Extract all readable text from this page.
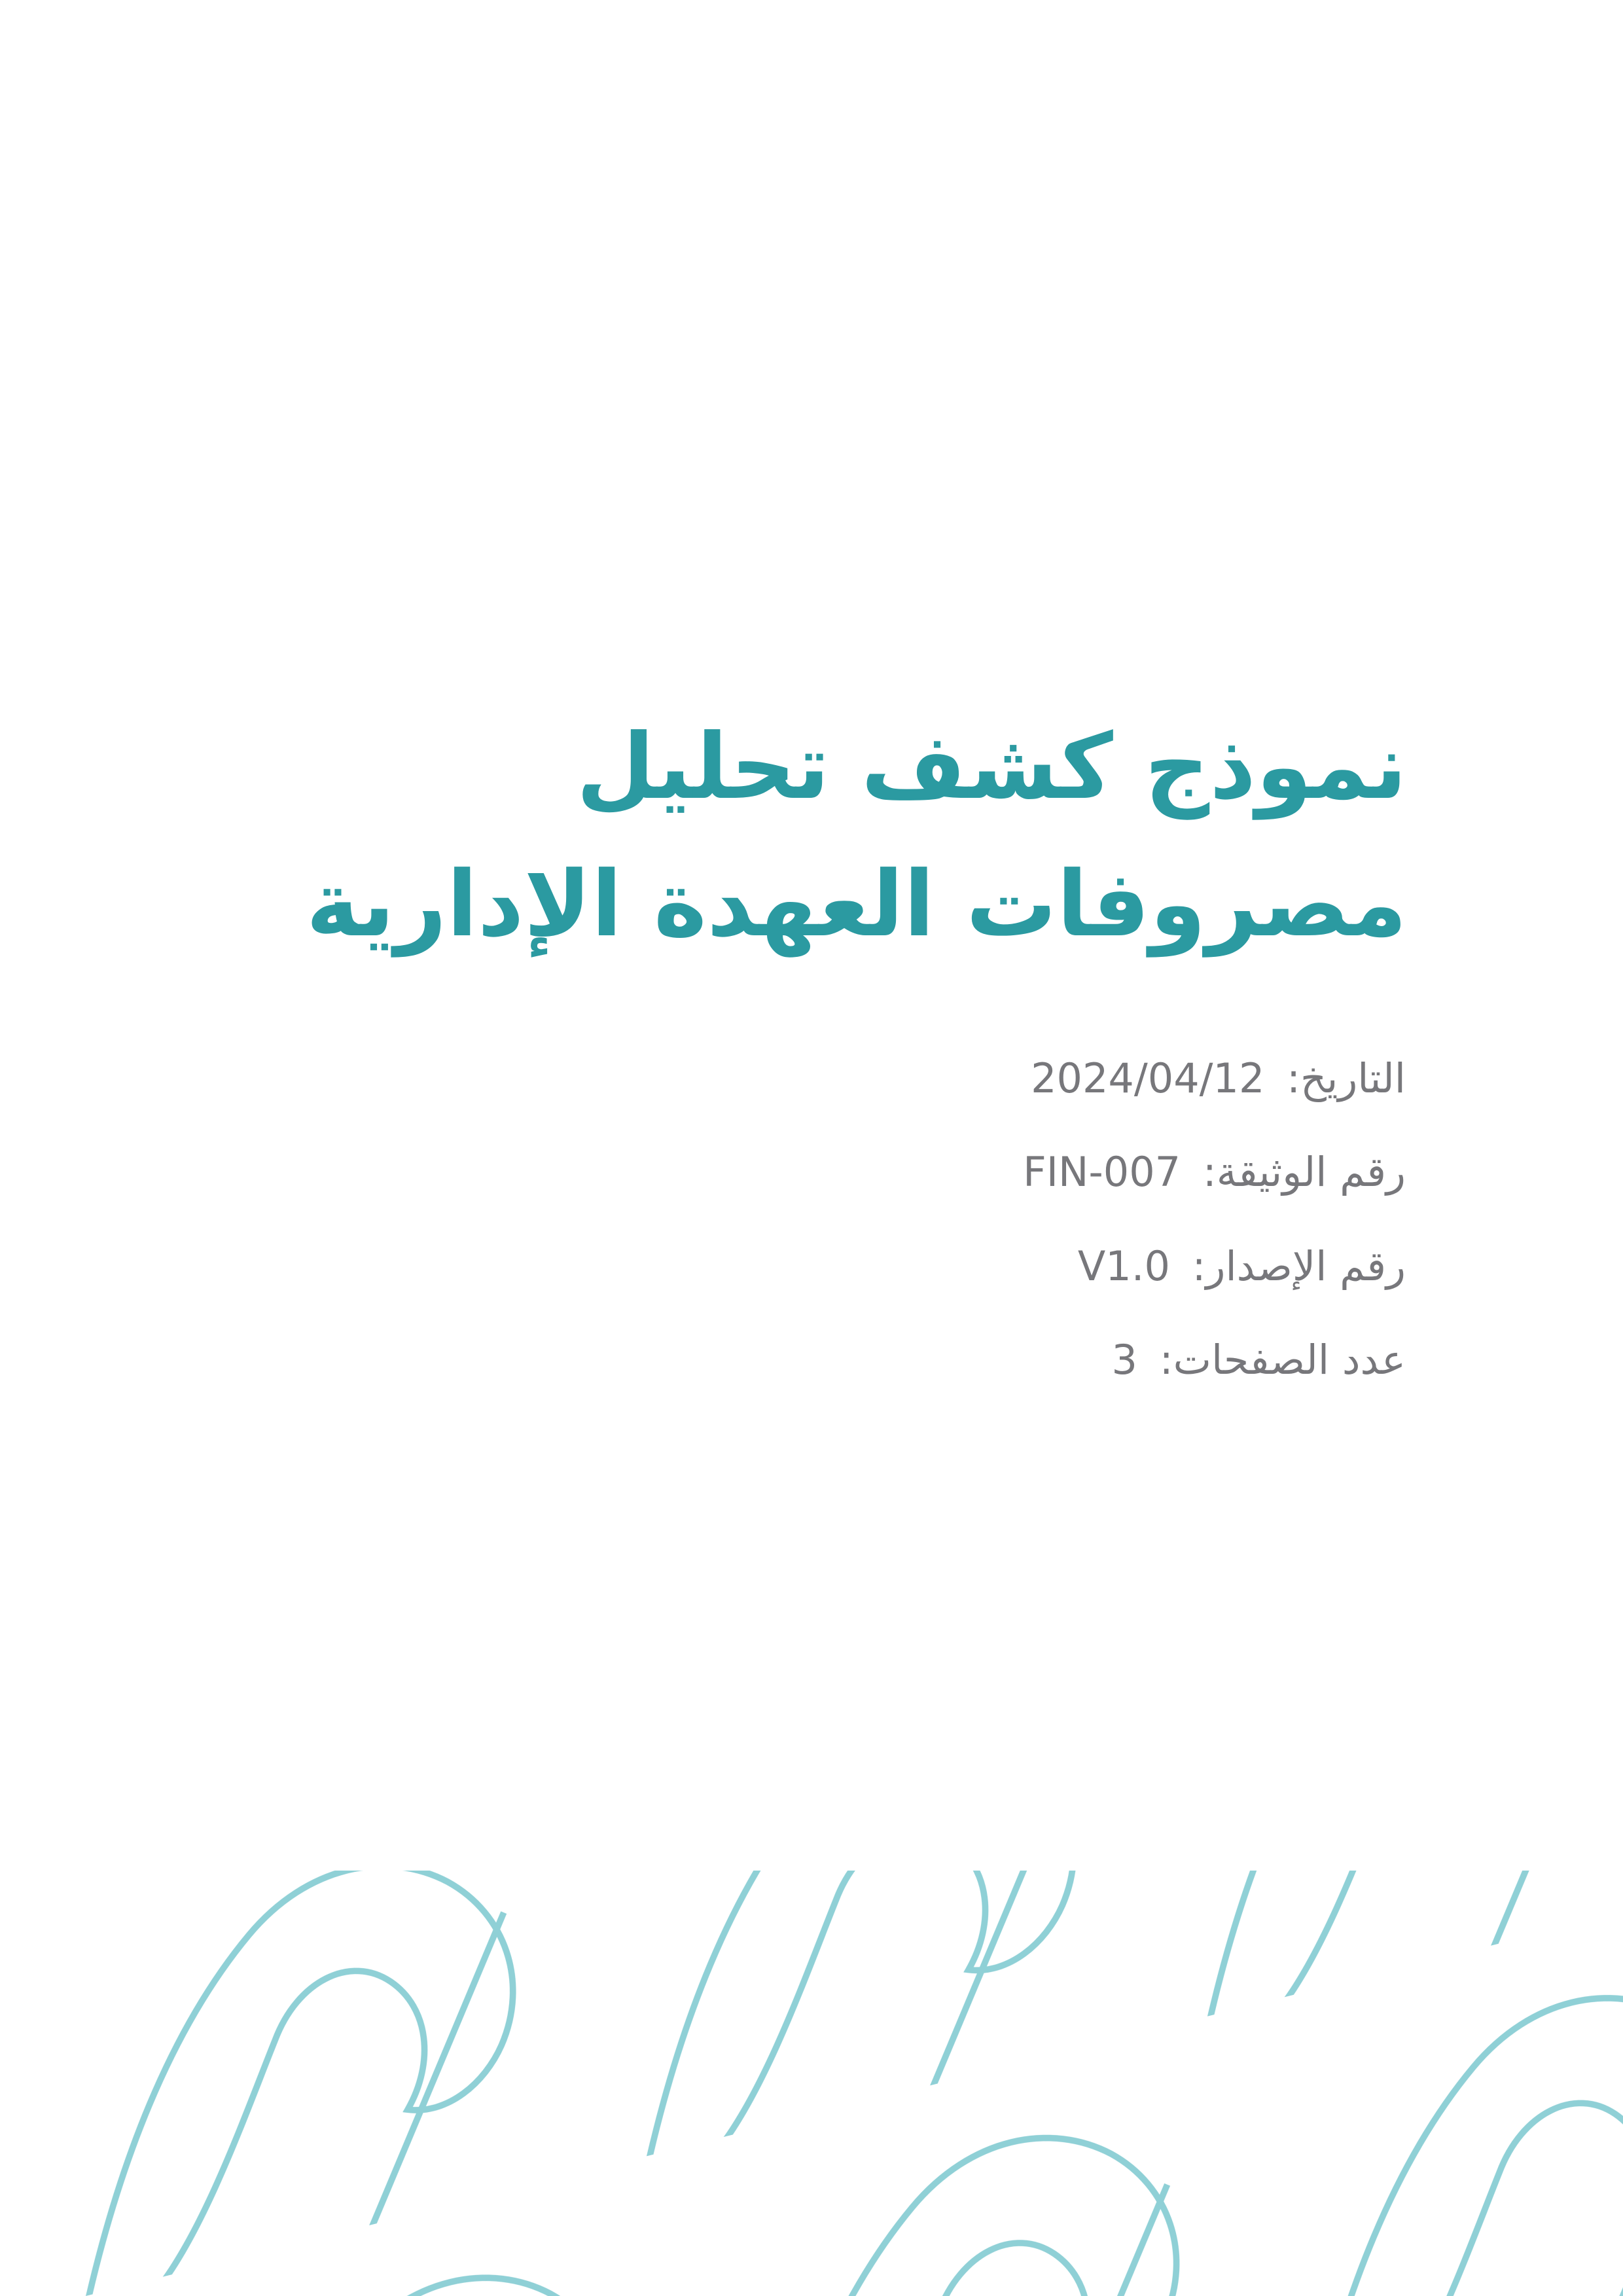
نموذج كشف تحليل
مصروفات العهدة الإدارية
التاريخ: 2024/04/12
رقم الوثيقة: FIN-007
رقم الإصدار: V1.0
عدد الصفحات: 3
